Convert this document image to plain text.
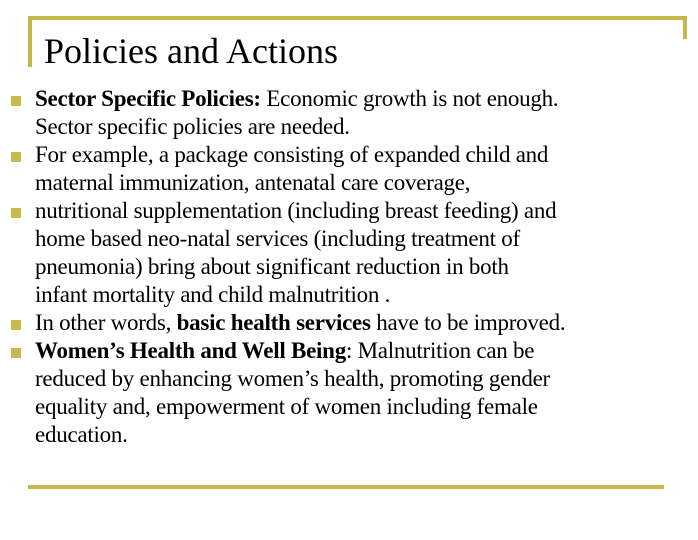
Policies and Actions
Sector Specific Policies: Economic growth is not enough.
Sector specific policies are needed.
For example, a package consisting of expanded child and
maternal immunization, antenatal care coverage,
nutritional supplementation (including breast feeding) and
home based neo-natal services (including treatment of
pneumonia) bring about significant reduction in both
infant mortality and child malnutrition .
In other words, basic health services have to be improved.
Women’s Health and Well Being: Malnutrition can be
reduced by enhancing women’s health, promoting gender
equality and, empowerment of women including female
education.
